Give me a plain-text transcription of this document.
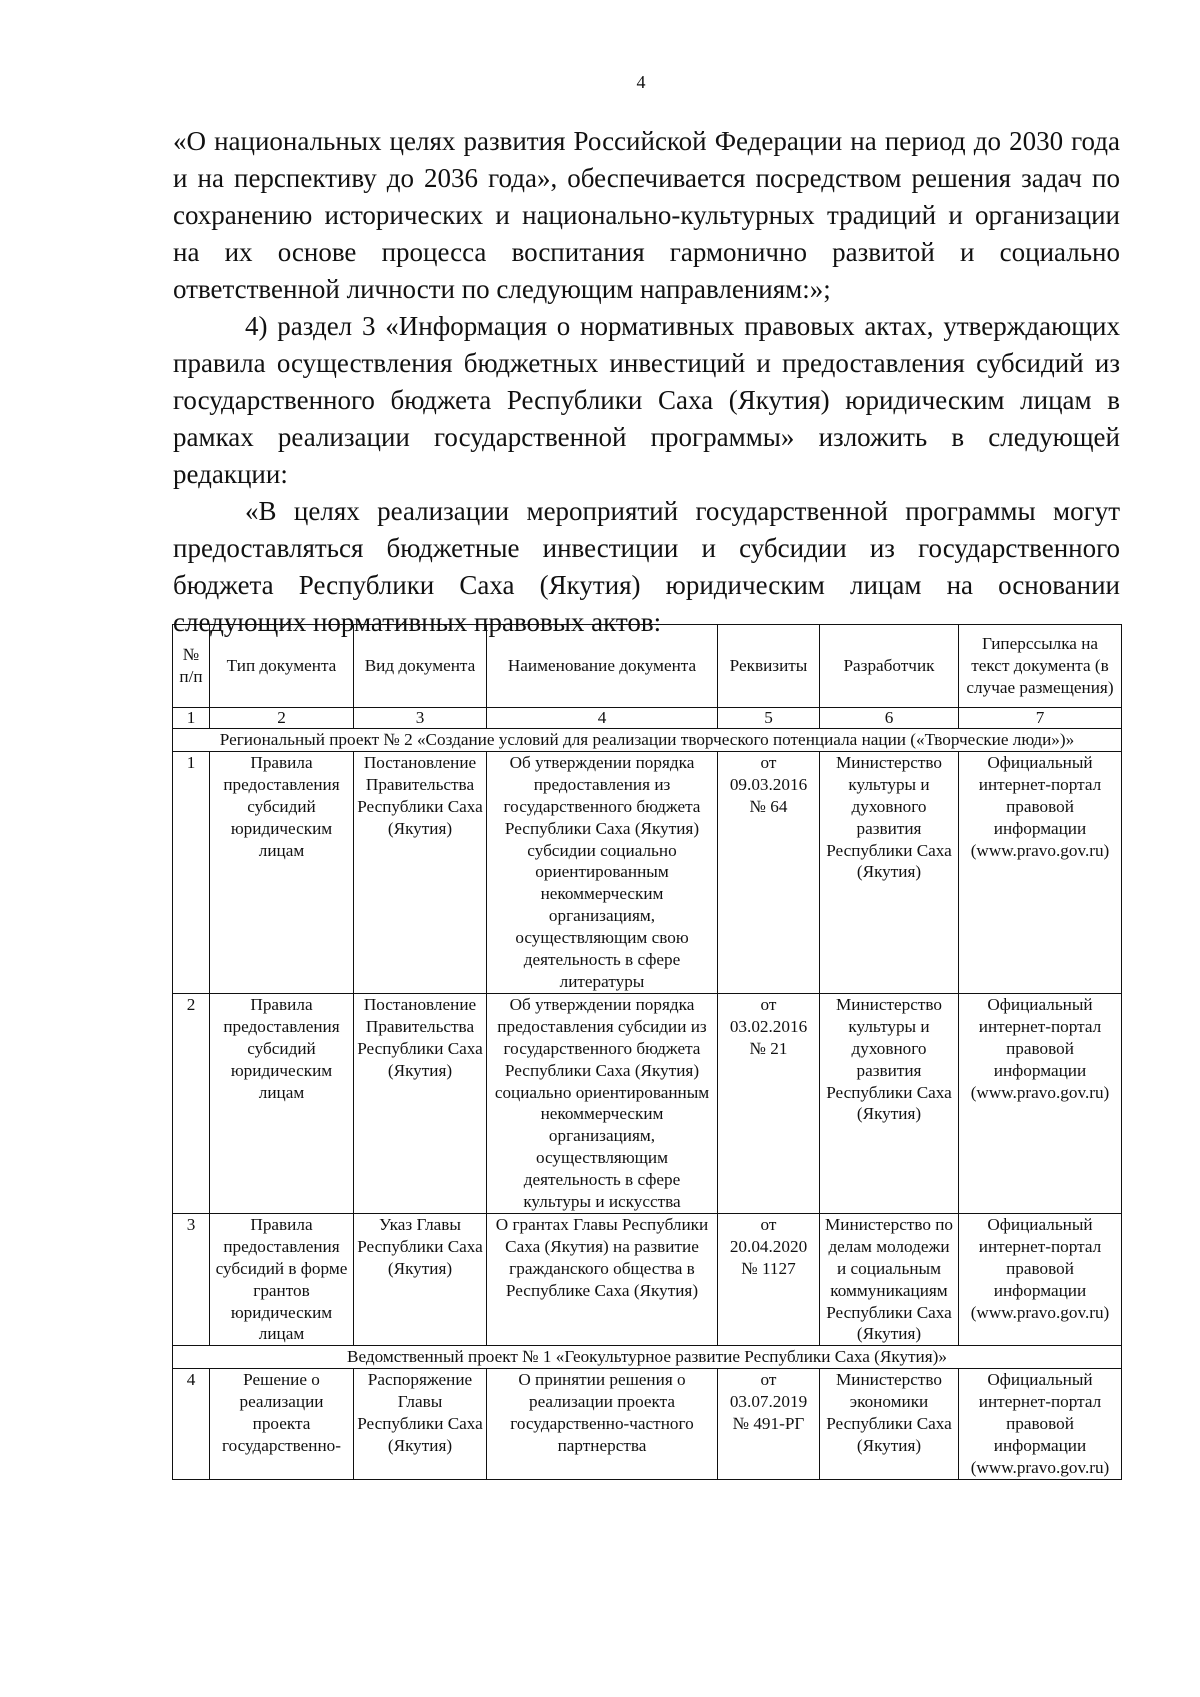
4

«О национальных целях развития Российской Федерации на период до 2030 года и на перспективу до 2036 года», обеспечивается посредством решения задач по сохранению исторических и национально-культурных традиций и организации на их основе процесса воспитания гармонично развитой и социально ответственной личности по следующим направлениям:»;

4) раздел 3 «Информация о нормативных правовых актах, утверждающих правила осуществления бюджетных инвестиций и предоставления субсидий из государственного бюджета Республики Саха (Якутия) юридическим лицам в рамках реализации государственной программы» изложить в следующей редакции:

«В целях реализации мероприятий государственной программы могут предоставляться бюджетные инвестиции и субсидии из государственного бюджета Республики Саха (Якутия) юридическим лицам на основании следующих нормативных правовых актов:

№ п/п	Тип документа	Вид документа	Наименование документа	Реквизиты	Разработчик	Гиперссылка на текст документа (в случае размещения)
1	2	3	4	5	6	7
Региональный проект № 2 «Создание условий для реализации творческого потенциала нации («Творческие люди»)»						
1	Правила предоставления субсидий юридическим лицам	Постановление Правительства Республики Саха (Якутия)	Об утверждении порядка предоставления из государственного бюджета Республики Саха (Якутия) субсидии социально ориентированным некоммерческим организациям, осуществляющим свою деятельность в сфере литературы	от 09.03.2016 № 64	Министерство культуры и духовного развития Республики Саха (Якутия)	Официальный интернет-портал правовой информации (www.pravo.gov.ru)
2	Правила предоставления субсидий юридическим лицам	Постановление Правительства Республики Саха (Якутия)	Об утверждении порядка предоставления субсидии из государственного бюджета Республики Саха (Якутия) социально ориентированным некоммерческим организациям, осуществляющим деятельность в сфере культуры и искусства	от 03.02.2016 № 21	Министерство культуры и духовного развития Республики Саха (Якутия)	Официальный интернет-портал правовой информации (www.pravo.gov.ru)
3	Правила предоставления субсидий в форме грантов юридическим лицам	Указ Главы Республики Саха (Якутия)	О грантах Главы Республики Саха (Якутия) на развитие гражданского общества в Республике Саха (Якутия)	от 20.04.2020 № 1127	Министерство по делам молодежи и социальным коммуникациям Республики Саха (Якутия)	Официальный интернет-портал правовой информации (www.pravo.gov.ru)
Ведомственный проект № 1 «Геокультурное развитие Республики Саха (Якутия)»						
4	Решение о реализации проекта государственно-	Распоряжение Главы Республики Саха (Якутия)	О принятии решения о реализации проекта государственно-частного партнерства	от 03.07.2019 № 491-РГ	Министерство экономики Республики Саха (Якутия)	Официальный интернет-портал правовой информации (www.pravo.gov.ru)
